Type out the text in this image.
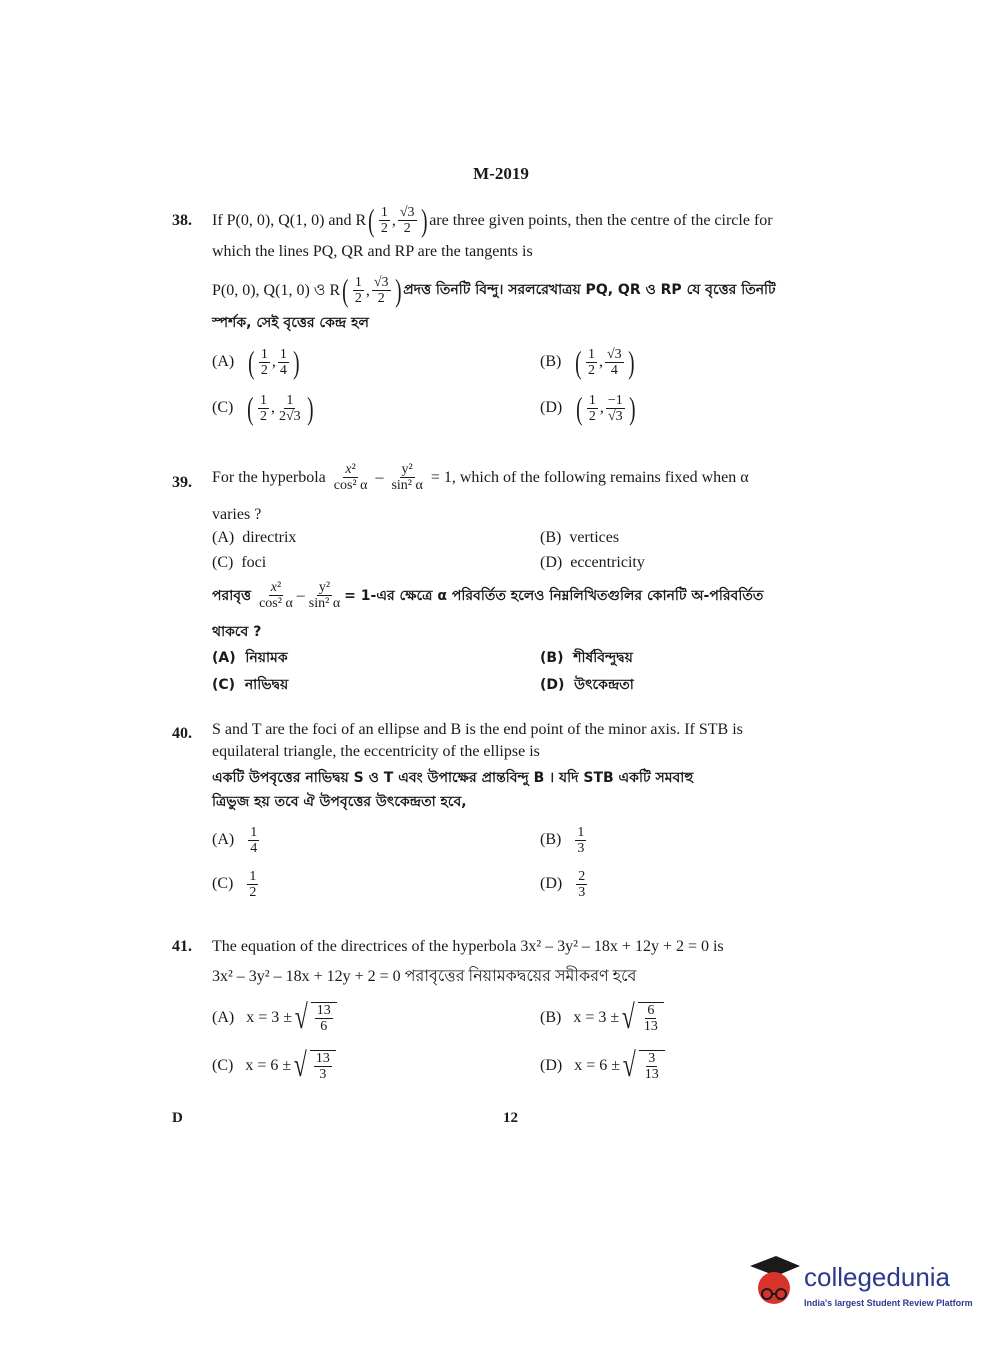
M-2019
38. If P(0, 0), Q(1, 0) and R ( $\frac{1}{2}$ , $\frac{√3}{2}$ ) are three given points, then the centre of the circle for
which the lines PQ, QR and RP are the tangents is
P(0, 0), Q(1, 0) ও R ( $\frac{1}{2}$ , $\frac{√3}{2}$ ) প্রদত্ত তিনটি বিন্দু। সরলরেখাত্রয় PQ, QR ও RP যে বৃত্তের তিনটি
স্পর্শক, সেই বৃত্তের কেন্দ্র হল
(A) ( $\frac{1}{2}$ , $\frac{1}{4}$ )	(B) ( $\frac{1}{2}$ , $\frac{√3}{4}$ )
(C) ( $\frac{1}{2}$ , $\frac{1}{2√3}$ )	(D) ( $\frac{1}{2}$ , $\frac{-1}{√3}$ )
39. For the hyperbola
$\frac{\text{x²}}{\text{cos² α}} - \frac{\text{y²}}{\text{sin² α}}$
= 1, which of the following remains fixed when α
varies ?
(A) directrix	(B) vertices
(C) foci	(D) eccentricity
পরাবৃত্ত
$\frac{\text{x²}}{\text{cos² α}} - \frac{\text{y²}}{\text{sin² α}}$ = 1-এর ক্ষেত্রে α পরিবর্তিত হলেও নিম্নলিখিতগুলির কোনটি অ-পরিবর্তিত
থাকবে ?
(A) নিয়ামক	(B) শীর্ষবিন্দুদ্বয়
(C) নাভিদ্বয়	(D) উৎকেন্দ্রতা
40. S and T are the foci of an ellipse and B is the end point of the minor axis. If STB is
equilateral triangle, the eccentricity of the ellipse is
একটি উপবৃত্তের নাভিদ্বয় S ও T এবং উপাক্ষের প্রান্তবিন্দু B । যদি STB একটি সমবাহু
ত্রিভুজ হয় তবে ঐ উপবৃত্তের উৎকেন্দ্রতা হবে,
$(A) \frac{1}{4}$	$(B) \frac{1}{3}$
$(C) \frac{1}{2}$	$(D) \frac{2}{3}$
41. The equation of the directrices of the hyperbola 3x² – 3y² – 18x + 12y + 2 = 0 is
3x² – 3y² – 18x + 12y + 2 = 0 পরাবৃত্তের নিয়ামকদ্বয়ের সমীকরণ হবে
(A) x = 3 ± √ $\frac{13}{6}$	(B) x = 3 ± √ $\frac{6}{13}$
(C) x = 6 ± √ $\frac{13}{3}$	(D) x = 6 ± √ $\frac{3}{13}$
D	12
collegedunia
India's largest Student Review Platform
